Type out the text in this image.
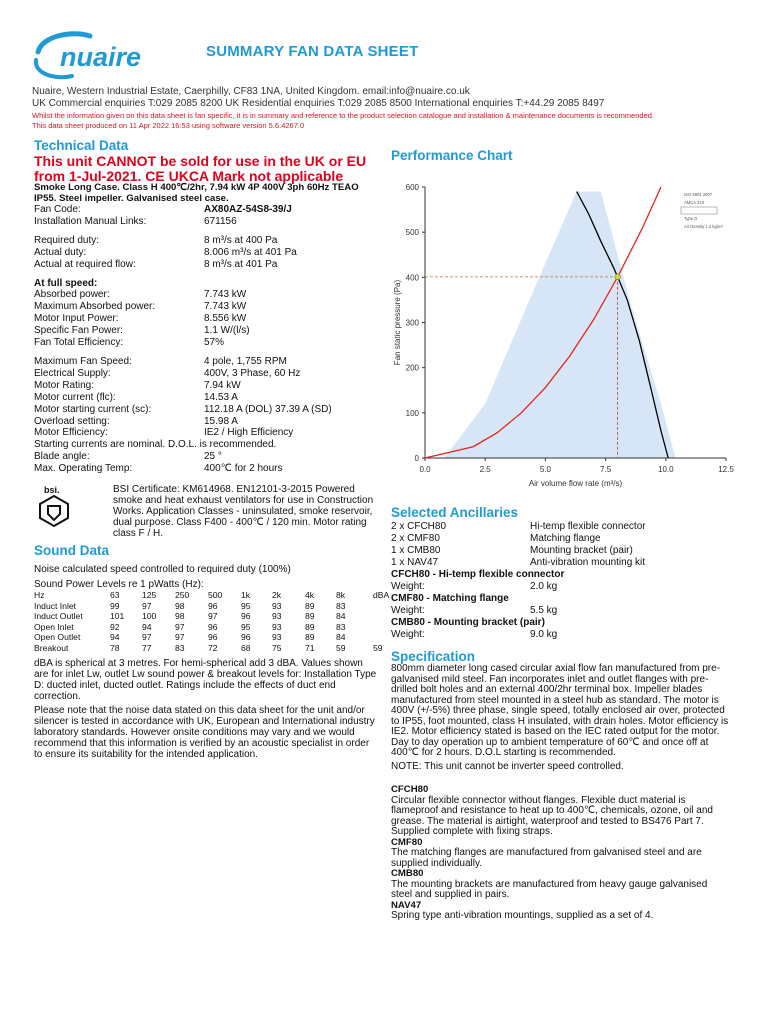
nuaire	SUMMARY FAN DATA SHEET
Nuaire, Western Industrial Estate, Caerphilly, CF83 1NA, United Kingdom. email:info@nuaire.co.uk
UK Commercial enquiries T:029 2085 8200 UK Residential enquiries T:029 2085 8500 International enquiries T:+44.29 2085 8497
Whilst the information given on this data sheet is fan specific, it is in summary and reference to the product selection catalogue and installation & maintenance documents is recommended.
This data sheet produced on 11 Apr 2022 16:53 using software version 5.6.4267.0
Technical Data
This unit CANNOT be sold for use in the UK or EU from 1-Jul-2021. CE UKCA Mark not applicable
Smoke Long Case. Class H 400℃/2hr, 7.94 kW 4P 400V 3ph 60Hz TEAO IP55. Steel impeller. Galvanised steel case.
Fan Code:	AX80AZ-54S8-39/J
Installation Manual Links:	671156
Required duty:	8 m³/s at 400 Pa
Actual duty:	8.006 m³/s at 401 Pa
Actual at required flow:	8 m³/s at 401 Pa
At full speed:
Absorbed power:	7.743 kW
Maximum Absorbed power:	7.743 kW
Motor Input Power:	8.556 kW
Specific Fan Power:	1.1 W/(l/s)
Fan Total Efficiency:	57%
Maximum Fan Speed:	4 pole, 1,755 RPM
Electrical Supply:	400V, 3 Phase, 60 Hz
Motor Rating:	7.94 kW
Motor current (flc):	14.53 A
Motor starting current (sc):	112.18 A (DOL) 37.39 A (SD)
Overload setting:	15.98 A
Motor Efficiency:	IE2 / High Efficiency
Starting currents are nominal. D.O.L. is recommended.
Blade angle:	25 °
Max. Operating Temp:	400℃ for 2 hours
bsi.	BSI Certificate: KM614968. EN12101-3-2015 Powered smoke and heat exhaust ventilators for use in Construction Works. Application Classes - uninsulated, smoke reservoir, dual purpose. Class F400 - 400℃ / 120 min. Motor rating class F / H.
Sound Data
Noise calculated speed controlled to required duty (100%)
Sound Power Levels re 1 pWatts (Hz):
Hz	63	125	250	500	1k	2k	4k	8k	dBA
Induct Inlet	99	97	98	96	95	93	89	83	
Induct Outlet	101	100	98	97	96	93	89	84	
Open Inlet	92	94	97	96	95	93	89	83	
Open Outlet	94	97	97	96	96	93	89	84	
Breakout	78	77	83	72	68	75	71	59	59
dBA is spherical at 3 metres. For hemi-spherical add 3 dBA. Values shown are for inlet Lw, outlet Lw sound power & breakout levels for: Installation Type D: ducted inlet, ducted outlet. Ratings include the effects of duct end correction.
Please note that the noise data stated on this data sheet for the unit and/or silencer is tested in accordance with UK, European and International industry laboratory standards. However onsite conditions may vary and we would recommend that this information is verified by an acoustic specialist in order to ensure its suitability for the intended application.
Performance Chart
0.0	2.5	5.0	7.5	10.0	12.5
0
100
200
300
400
500
600
Air volume flow rate (m³/s)
Fan static pressure (Pa)
ISO 5801 2007
AMCA 210
Type D
Air Density 1.2 kg/m³
Selected Ancillaries
2 x CFCH80	Hi-temp flexible connector
2 x CMF80	Matching flange
1 x CMB80	Mounting bracket (pair)
1 x NAV47	Anti-vibration mounting kit
CFCH80 - Hi-temp flexible connector
Weight:	2.0 kg
CMF80 - Matching flange
Weight:	5.5 kg
CMB80 - Mounting bracket (pair)
Weight:	9.0 kg
Specification
800mm diameter long cased circular axial flow fan manufactured from pre-galvanised mild steel. Fan incorporates inlet and outlet flanges with pre-drilled bolt holes and an external 400/2hr terminal box. Impeller blades manufactured from steel mounted in a steel hub as standard. The motor is 400V (+/-5%) three phase, single speed, totally enclosed air over, protected to IP55, foot mounted, class H insulated, with drain holes. Motor efficiency is IE2. Motor efficiency stated is based on the IEC rated output for the motor. Day to day operation up to ambient temperature of 60℃ and once off at 400℃ for 2 hours. D.O.L starting is recommended.
NOTE: This unit cannot be inverter speed controlled.
CFCH80
Circular flexible connector without flanges. Flexible duct material is flameproof and resistance to heat up to 400℃, chemicals, ozone, oil and grease. The material is airtight, waterproof and tested to BS476 Part 7. Supplied complete with fixing straps.
CMF80
The matching flanges are manufactured from galvanised steel and are supplied individually.
CMB80
The mounting brackets are manufactured from heavy gauge galvanised steel and supplied in pairs.
NAV47
Spring type anti-vibration mountings, supplied as a set of 4.
